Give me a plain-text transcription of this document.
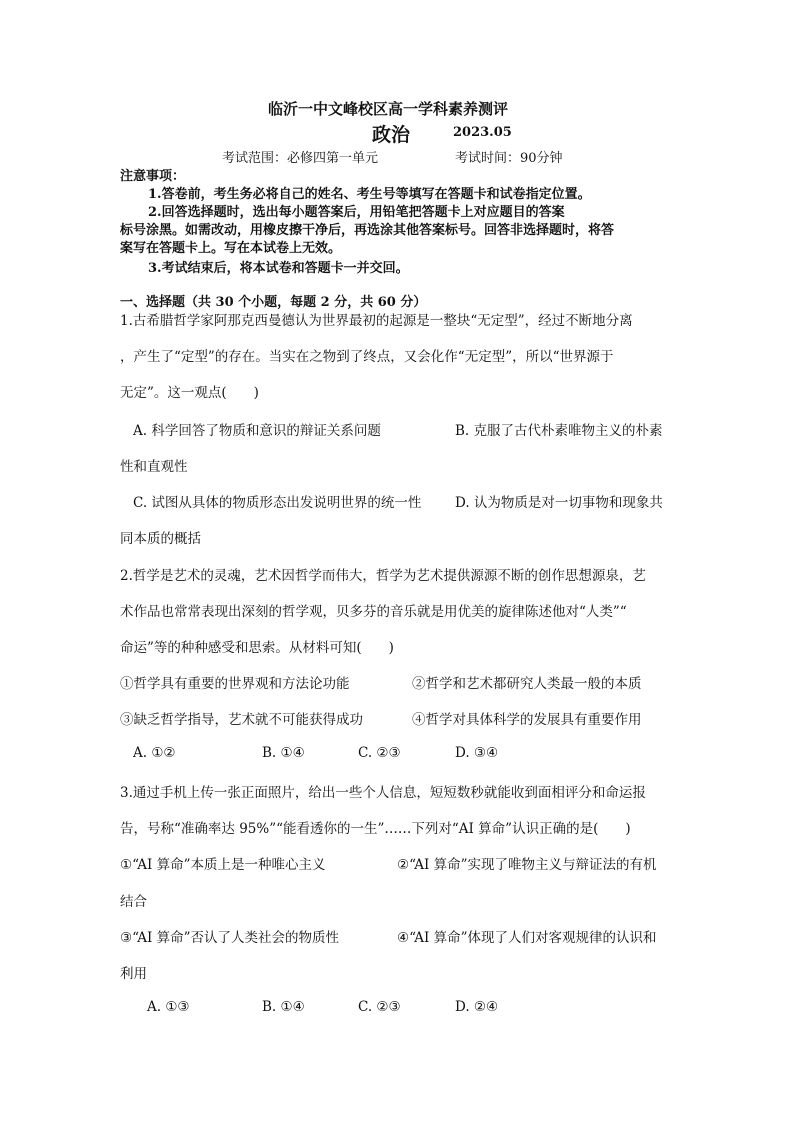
临沂一中文峰校区高一学科素养测评
政治	2023.05
考试范围：必修四第一单元	考试时间：90分钟
注意事项：
1.答卷前，考生务必将自己的姓名、考生号等填写在答题卡和试卷指定位置。
2.回答选择题时，选出每小题答案后，用铅笔把答题卡上对应题目的答案
标号涂黑。如需改动，用橡皮擦干净后，再选涂其他答案标号。回答非选择题时，将答
案写在答题卡上。写在本试卷上无效。
3.考试结束后，将本试卷和答题卡一并交回。
一、选择题（共 30 个小题，每题 2 分，共 60 分）
1.古希腊哲学家阿那克西曼德认为世界最初的起源是一整块“无定型”，经过不断地分离
，产生了“定型”的存在。当实在之物到了终点，又会化作“无定型”，所以“世界源于
无定”。这一观点(　　)
A. 科学回答了物质和意识的辩证关系问题	B. 克服了古代朴素唯物主义的朴素
性和直观性
C. 试图从具体的物质形态出发说明世界的统一性 D. 认为物质是对一切事物和现象共
同本质的概括
2.哲学是艺术的灵魂，艺术因哲学而伟大，哲学为艺术提供源源不断的创作思想源泉，艺
术作品也常常表现出深刻的哲学观，贝多芬的音乐就是用优美的旋律陈述他对“人类”“
命运”等的种种感受和思索。从材料可知(　　)
①哲学具有重要的世界观和方法论功能	②哲学和艺术都研究人类最一般的本质
③缺乏哲学指导，艺术就不可能获得成功	④哲学对具体科学的发展具有重要作用
A. ①②	B. ①④	C. ②③	D. ③④
3.通过手机上传一张正面照片，给出一些个人信息，短短数秒就能收到面相评分和命运报
告，号称“准确率达 95%”“能看透你的一生”……下列对“AI 算命”认识正确的是(　　)
①“AI 算命”本质上是一种唯心主义	②“AI 算命”实现了唯物主义与辩证法的有机
结合
③“AI 算命”否认了人类社会的物质性	④“AI 算命”体现了人们对客观规律的认识和
利用
A. ①③	B. ①④	C. ②③	D. ②④
